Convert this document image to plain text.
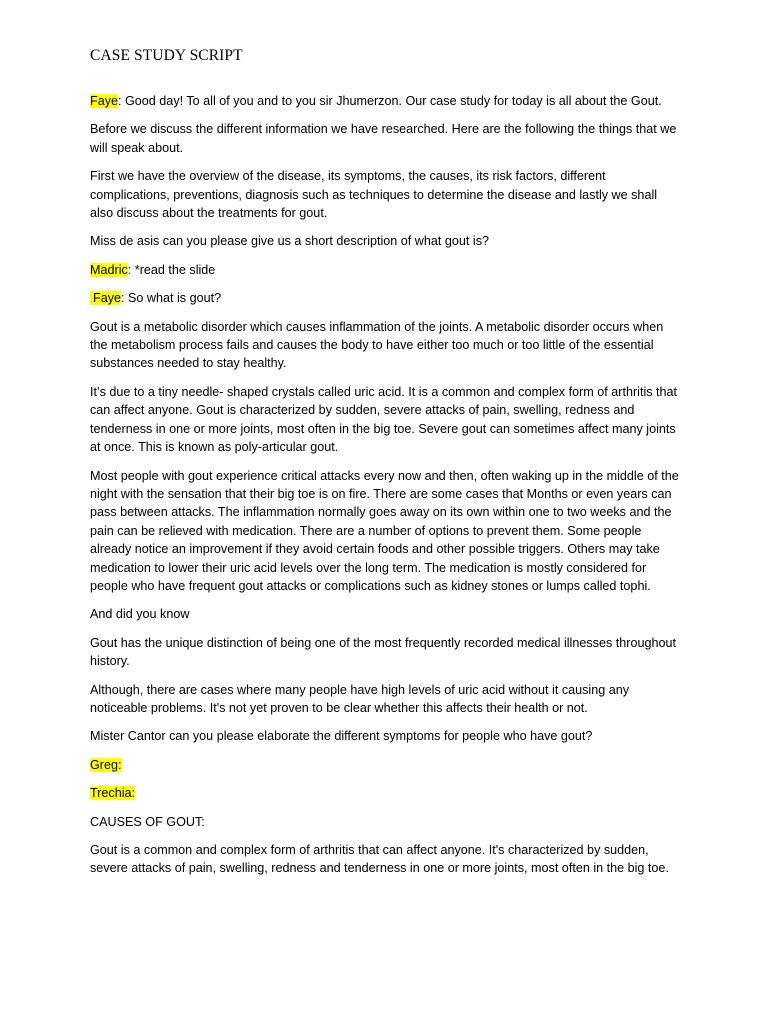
CASE STUDY SCRIPT

Faye: Good day! To all of you and to you sir Jhumerzon. Our case study for today is all about the Gout.

Before we discuss the different information we have researched. Here are the following the things that we will speak about.

First we have the overview of the disease, its symptoms, the causes, its risk factors, different complications, preventions, diagnosis such as techniques to determine the disease and lastly we shall also discuss about the treatments for gout.

Miss de asis can you please give us a short description of what gout is?

Madric: *read the slide

Faye: So what is gout?

Gout is a metabolic disorder which causes inflammation of the joints. A metabolic disorder occurs when the metabolism process fails and causes the body to have either too much or too little of the essential substances needed to stay healthy.

It’s due to a tiny needle- shaped crystals called uric acid. It is a common and complex form of arthritis that can affect anyone. Gout is characterized by sudden, severe attacks of pain, swelling, redness and tenderness in one or more joints, most often in the big toe. Severe gout can sometimes affect many joints at once. This is known as poly-articular gout.

Most people with gout experience critical attacks every now and then, often waking up in the middle of the night with the sensation that their big toe is on fire. There are some cases that Months or even years can pass between attacks. The inflammation normally goes away on its own within one to two weeks and the pain can be relieved with medication. There are a number of options to prevent them. Some people already notice an improvement if they avoid certain foods and other possible triggers. Others may take medication to lower their uric acid levels over the long term. The medication is mostly considered for people who have frequent gout attacks or complications such as kidney stones or lumps called tophi.

And did you know

Gout has the unique distinction of being one of the most frequently recorded medical illnesses throughout history.

Although, there are cases where many people have high levels of uric acid without it causing any noticeable problems. It's not yet proven to be clear whether this affects their health or not.

Mister Cantor can you please elaborate the different symptoms for people who have gout?

Greg:

Trechia:

CAUSES OF GOUT:

Gout is a common and complex form of arthritis that can affect anyone. It's characterized by sudden, severe attacks of pain, swelling, redness and tenderness in one or more joints, most often in the big toe.
